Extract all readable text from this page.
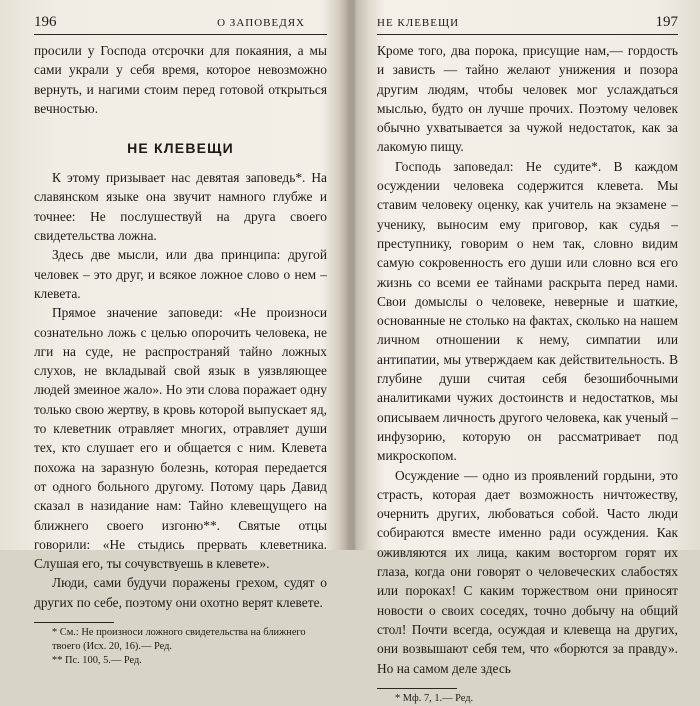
196	О ЗАПОВЕДЯХ

просили у Господа отсрочки для покаяния, а мы сами украли у себя время, которое невозможно вернуть, и нагими стоим перед готовой открыться вечностью.

НЕ КЛЕВЕЩИ

К этому призывает нас девятая заповедь*. На славянском языке она звучит намного глубже и точнее: Не послушествуй на друга своего свидетельства ложна.

Здесь две мысли, или два принципа: другой человек – это друг, и всякое ложное слово о нем – клевета.

Прямое значение заповеди: «Не произноси сознательно ложь с целью опорочить человека, не лги на суде, не распространяй тайно ложных слухов, не вкладывай свой язык в уязвляющее людей змеиное жало». Но эти слова поражает одну только свою жертву, в кровь которой выпускает яд, то клеветник отравляет многих, отравляет души тех, кто слушает его и общается с ним. Клевета похожа на заразную болезнь, которая передается от одного больного другому. Потому царь Давид сказал в назидание нам: Тайно клевещущего на ближнего своего изгоню**. Святые отцы говорили: «Не стыдись прервать клеветника. Слушая его, ты сочувствуешь в клевете».

Люди, сами будучи поражены грехом, судят о других по себе, поэтому они охотно верят клевете.

* См.: Не произноси ложного свидетельства на ближнего твоего (Исх. 20, 16).— Ред.

** Пс. 100, 5.— Ред.

НЕ КЛЕВЕЩИ	197

Кроме того, два порока, присущие нам,— гордость и зависть — тайно желают унижения и позора другим людям, чтобы человек мог услаждаться мыслью, будто он лучше прочих. Поэтому человек обычно ухватывается за чужой недостаток, как за лакомую пищу.

Господь заповедал: Не судите*. В каждом осуждении человека содержится клевета. Мы ставим человеку оценку, как учитель на экзамене – ученику, выносим ему приговор, как судья – преступнику, говорим о нем так, словно видим самую сокровенность его души или словно вся его жизнь со всеми ее тайнами раскрыта перед нами. Свои домыслы о человеке, неверные и шаткие, основанные не столько на фактах, сколько на нашем личном отношении к нему, симпатии или антипатии, мы утверждаем как действительность. В глубине души считая себя безошибочными аналитиками чужих достоинств и недостатков, мы описываем личность другого человека, как ученый – инфузорию, которую он рассматривает под микроскопом.

Осуждение — одно из проявлений гордыни, это страсть, которая дает возможность ничтожеству, очернить других, любоваться собой. Часто люди собираются вместе именно ради осуждения. Как оживляются их лица, каким восторгом горят их глаза, когда они говорят о человеческих слабостях или пороках! С каким торжеством они приносят новости о своих соседях, точно добычу на общий стол! Почти всегда, осуждая и клевеща на других, они возвышают себя тем, что «борются за правду». Но на самом деле здесь

* Мф. 7, 1.— Ред.
